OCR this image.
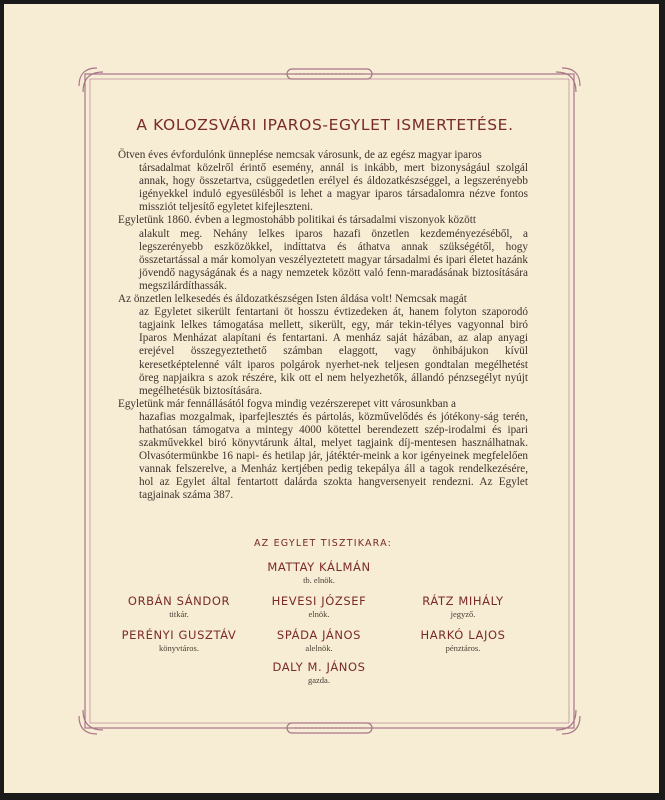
A KOLOZSVÁRI IPAROS-EGYLET ISMERTETÉSE.

Ötven éves évfordulónk ünneplése nemcsak városunk, de az egész magyar iparos
társadalmat közelről érintő esemény, annál is inkább, mert bizonyságául szolgál annak, hogy összetartva, csüggedetlen erélyel és áldozatkészséggel, a legszerényebb igényekkel induló egyesülésből is lehet a magyar iparos társadalomra nézve fontos missziót teljesítő egyletet kifejleszteni.

Egyletünk 1860. évben a legmostohább politikai és társadalmi viszonyok között
alakult meg. Nehány lelkes iparos hazafi önzetlen kezdeményezéséből, a legszerényebb eszközökkel, indíttatva és áthatva annak szükségétől, hogy összetartással a már komolyan veszélyeztetett magyar társadalmi és ipari életet hazánk jövendő nagyságának és a nagy nemzetek között való fenn-maradásának biztosítására megszilárdíthassák.

Az önzetlen lelkesedés és áldozatkészségen Isten áldása volt! Nemcsak magát
az Egyletet sikerült fentartani öt hosszu évtizedeken át, hanem folyton szaporodó tagjaink lelkes támogatása mellett, sikerült, egy, már tekin-télyes vagyonnal biró Iparos Menházat alapítani és fentartani. A menház saját házában, az alap anyagi erejével összegyeztethető számban elaggott, vagy önhibájukon kívül keresetképtelenné vált iparos polgárok nyerhet-nek teljesen gondtalan megélhetést öreg napjaikra s azok részére, kik ott el nem helyezhetők, állandó pénzsegélyt nyújt megélhetésük biztosítására.

Egyletünk már fennállásától fogva mindig vezérszerepet vitt városunkban a
hazafias mozgalmak, iparfejlesztés és pártolás, közművelődés és jótékony-ság terén, hathatósan támogatva a mintegy 4000 kötettel berendezett szép-irodalmi és ipari szakművekkel biró könyvtárunk által, melyet tagjaink díj-mentesen használhatnak. Olvasótermünkbe 16 napi- és hetilap jár, játéktér-meink a kor igényeinek megfelelően vannak felszerelve, a Menház kertjében pedig tekepálya áll a tagok rendelkezésére, hol az Egylet által fentartott dalárda szokta hangversenyeit rendezni. Az Egylet tagjainak száma 387.

AZ EGYLET TISZTIKARA:
MATTAY KÁLMÁN
tb. elnök.
ORBÁN SÁNDOR
titkár.
HEVESI JÓZSEF
elnök.
RÁTZ MIHÁLY
jegyző.
PERÉNYI GUSZTÁV
könyvtáros.
SPÁDA JÁNOS
alelnök.
HARKÓ LAJOS
pénztáros.
DALY M. JÁNOS
gazda.
